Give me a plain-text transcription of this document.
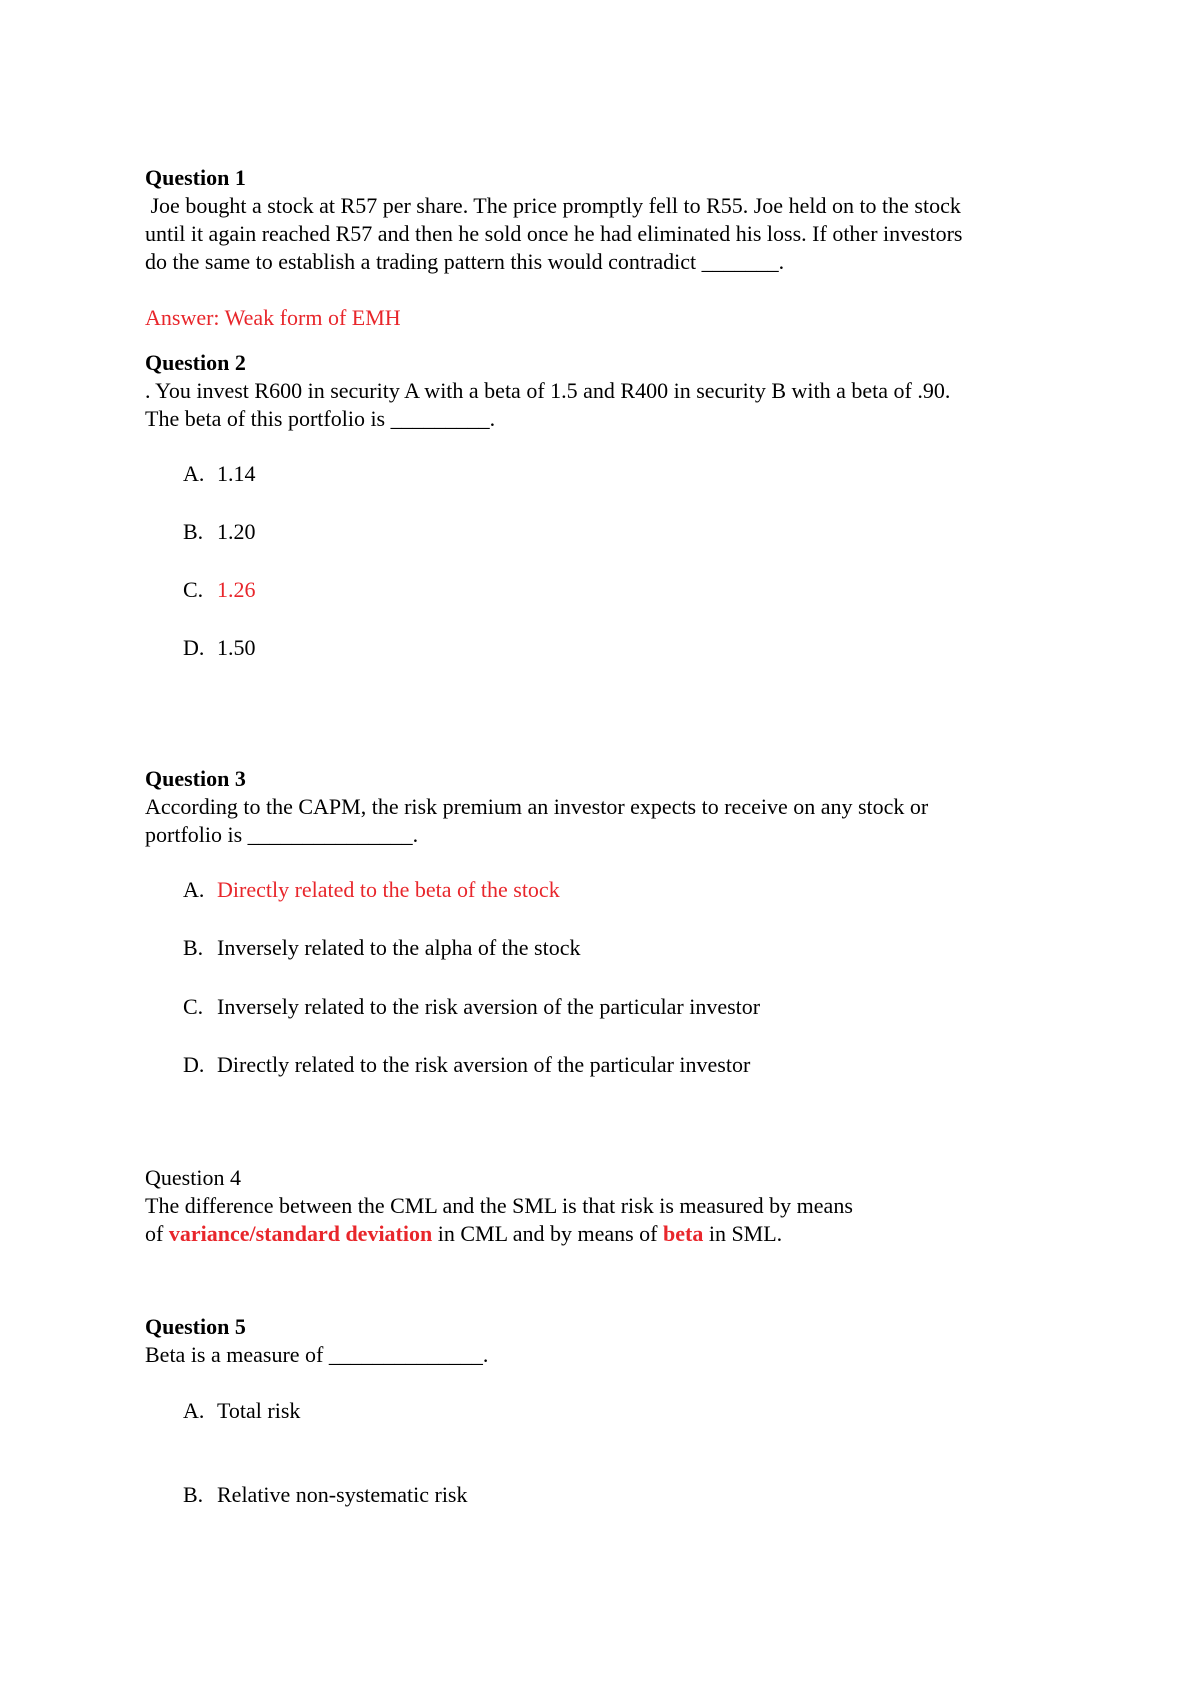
Question 1
Joe bought a stock at R57 per share. The price promptly fell to R55. Joe held on to the stock
until it again reached R57 and then he sold once he had eliminated his loss. If other investors
do the same to establish a trading pattern this would contradict _______.
Answer: Weak form of EMH
Question 2
. You invest R600 in security A with a beta of 1.5 and R400 in security B with a beta of .90.
The beta of this portfolio is _________.
A. 1.14
B. 1.20
C. 1.26
D. 1.50
Question 3
According to the CAPM, the risk premium an investor expects to receive on any stock or
portfolio is _______________.
A. Directly related to the beta of the stock
B. Inversely related to the alpha of the stock
C. Inversely related to the risk aversion of the particular investor
D. Directly related to the risk aversion of the particular investor
Question 4
The difference between the CML and the SML is that risk is measured by means
of variance/standard deviation in CML and by means of beta in SML.
Question 5
Beta is a measure of ______________.
A. Total risk
B. Relative non-systematic risk
